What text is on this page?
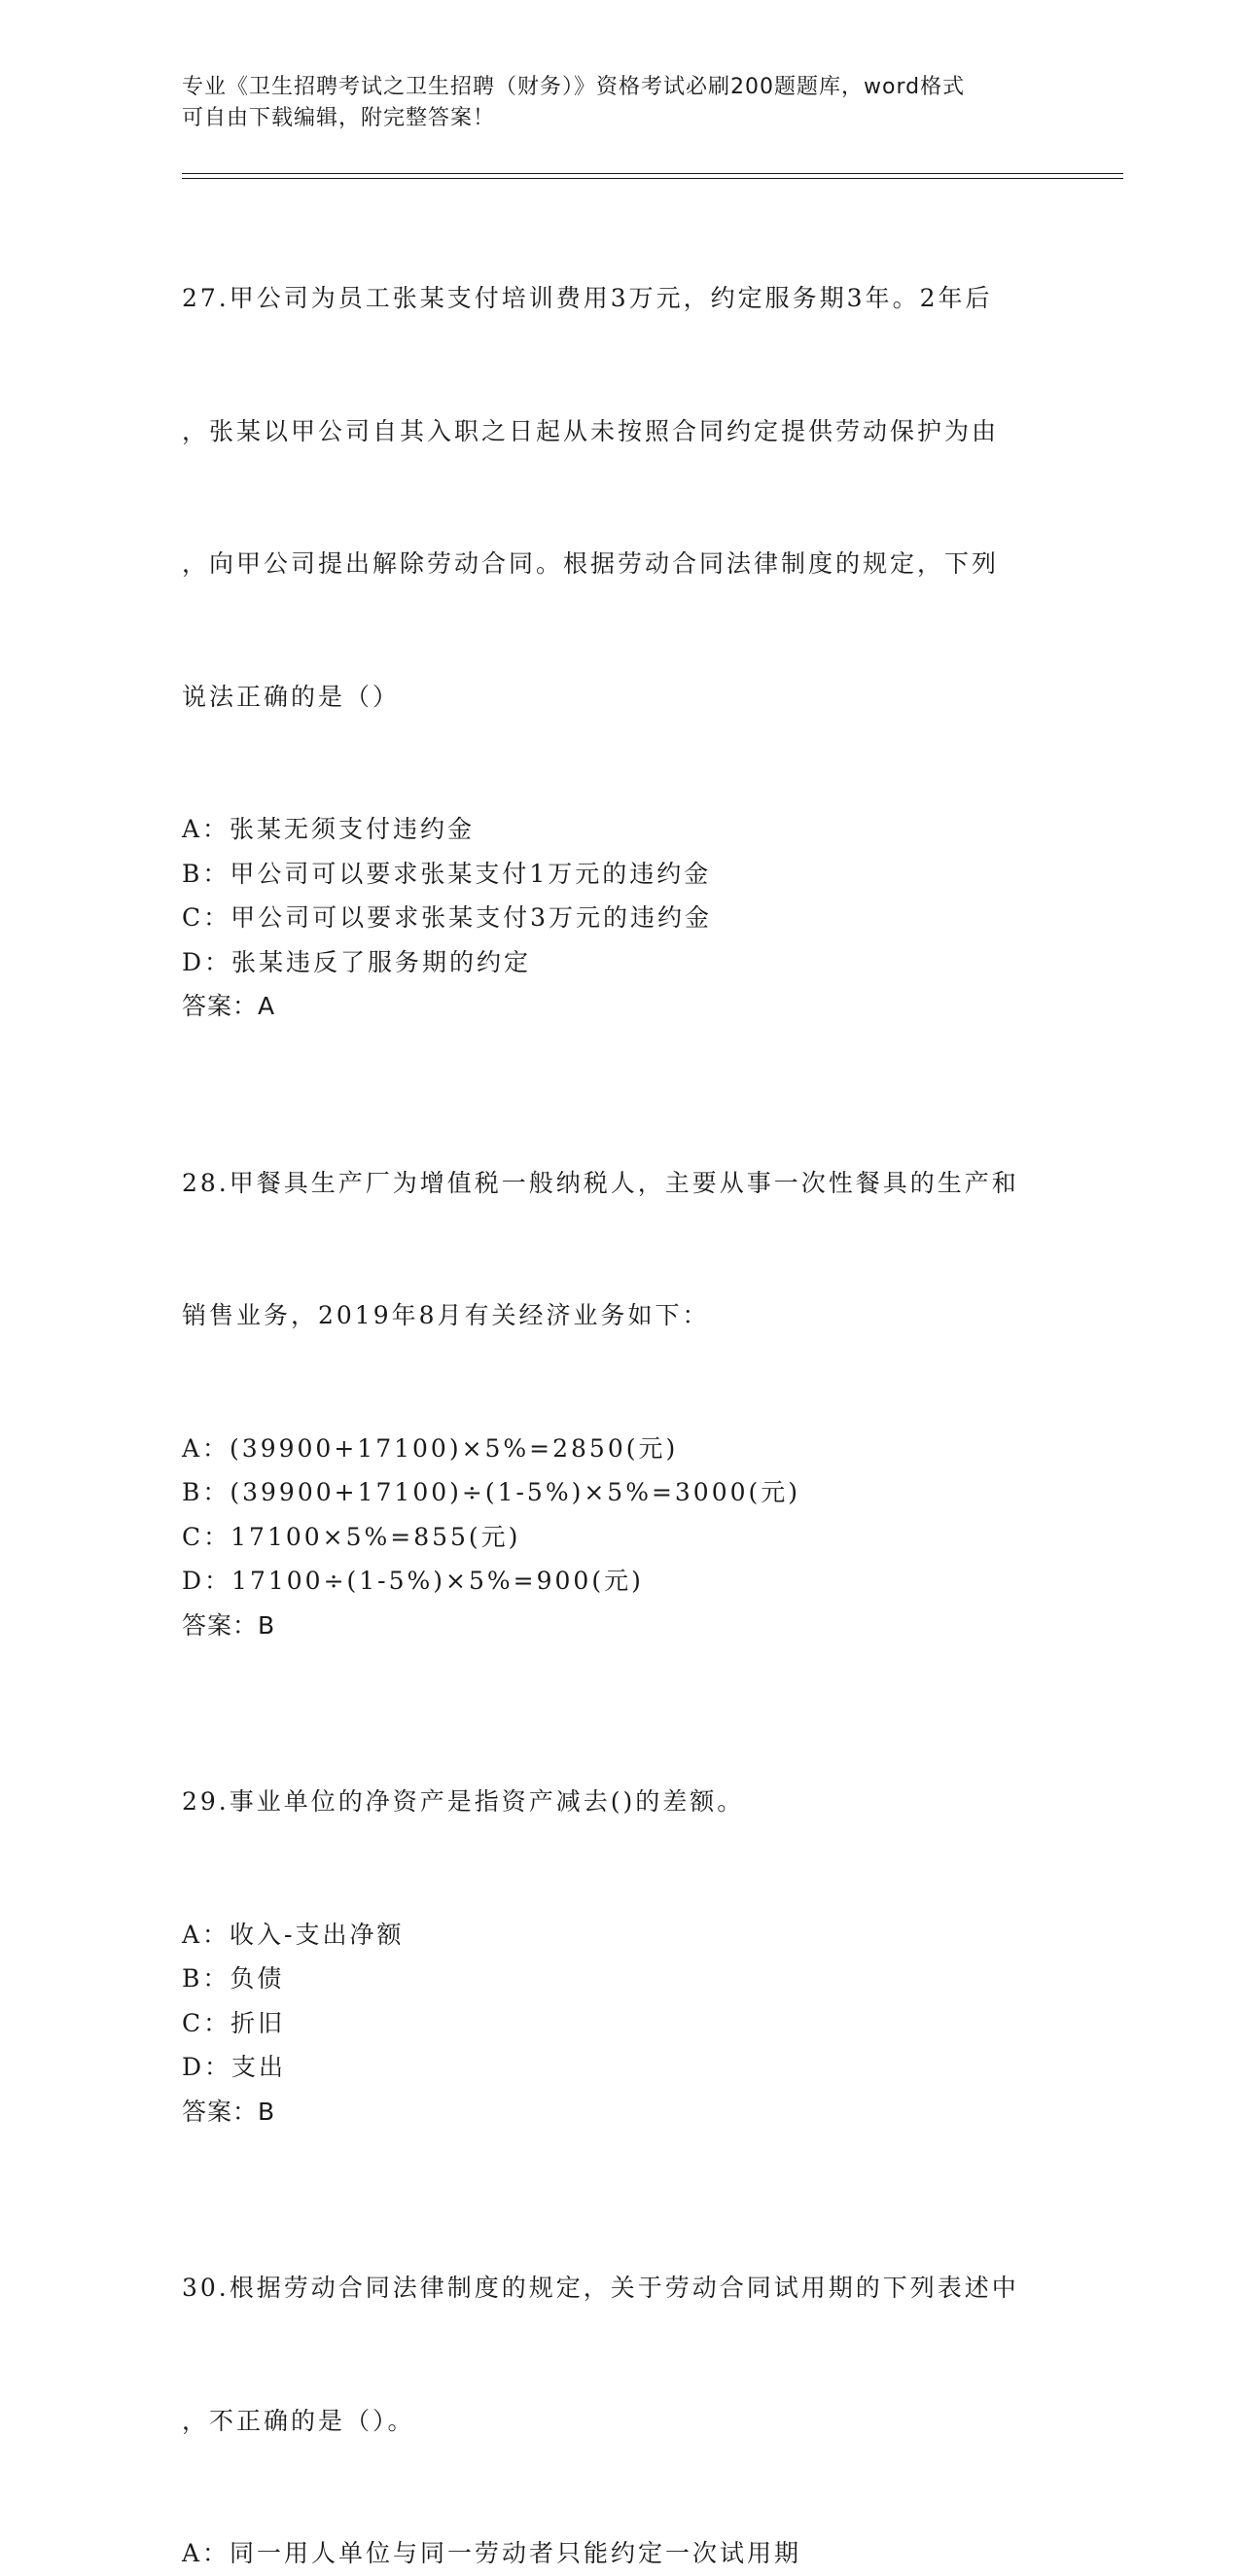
专业《卫生招聘考试之卫生招聘（财务）》资格考试必刷200题题库，word格式
可自由下载编辑，附完整答案！

27.甲公司为员工张某支付培训费用3万元，约定服务期3年。2年后

，张某以甲公司自其入职之日起从未按照合同约定提供劳动保护为由

，向甲公司提出解除劳动合同。根据劳动合同法律制度的规定，下列

说法正确的是（）

A：张某无须支付违约金
B：甲公司可以要求张某支付1万元的违约金
C：甲公司可以要求张某支付3万元的违约金
D：张某违反了服务期的约定
答案：A

28.甲餐具生产厂为增值税一般纳税人，主要从事一次性餐具的生产和

销售业务，2019年8月有关经济业务如下：

A：(39900+17100)×5%=2850(元)
B：(39900+17100)÷(1-5%)×5%=3000(元)
C：17100×5%=855(元)
D：17100÷(1-5%)×5%=900(元)
答案：B

29.事业单位的净资产是指资产减去()的差额。

A：收入-支出净额
B：负债
C：折旧
D：支出
答案：B

30.根据劳动合同法律制度的规定，关于劳动合同试用期的下列表述中

，不正确的是（）。

A：同一用人单位与同一劳动者只能约定一次试用期
